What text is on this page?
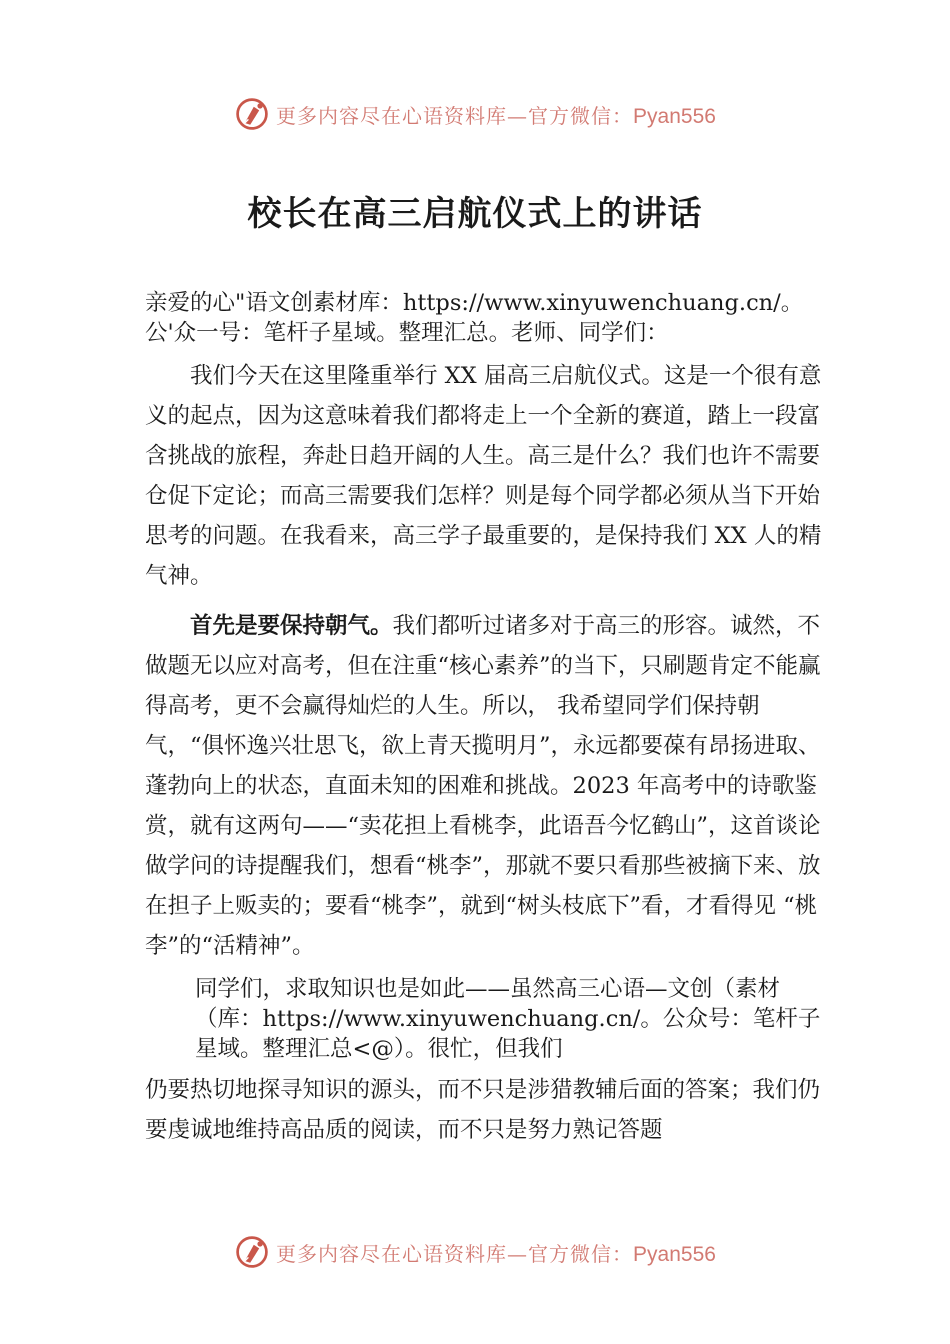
更多内容尽在心语资料库—官方微信：Pyan556
校长在高三启航仪式上的讲话

亲爱的心"语文创素材库：https://www.xinyuwenchuang.cn/。公'众一号：笔杆子星域。整理汇总。老师、同学们：

我们今天在这里隆重举行 XX 届高三启航仪式。这是一个很有意义的起点，因为这意味着我们都将走上一个全新的赛道，踏上一段富含挑战的旅程，奔赴日趋开阔的人生。高三是什么？我们也许不需要仓促下定论；而高三需要我们怎样？则是每个同学都必须从当下开始思考的问题。在我看来，高三学子最重要的，是保持我们 XX 人的精气神。

首先是要保持朝气。我们都听过诸多对于高三的形容。诚然，不做题无以应对高考，但在注重“核心素养”的当下，只刷题肯定不能赢得高考，更不会赢得灿烂的人生。所以， 我希望同学们保持朝气，“俱怀逸兴壮思飞，欲上青天揽明月”，永远都要葆有昂扬进取、蓬勃向上的状态，直面未知的困难和挑战。2023 年高考中的诗歌鉴赏，就有这两句——“卖花担上看桃李，此语吾今忆鹤山”，这首谈论做学问的诗提醒我们，想看“桃李”，那就不要只看那些被摘下来、放在担子上贩卖的；要看“桃李”，就到“树头枝底下”看，才看得见 “桃李”的“活精神”。

同学们，求取知识也是如此——虽然高三心语—文创（素材（库：https://www.xinyuwenchuang.cn/。公众号：笔杆子星域。整理汇总<@）。很忙，但我们

仍要热切地探寻知识的源头，而不只是涉猎教辅后面的答案；我们仍要虔诚地维持高品质的阅读，而不只是努力熟记答题

更多内容尽在心语资料库—官方微信：Pyan556
